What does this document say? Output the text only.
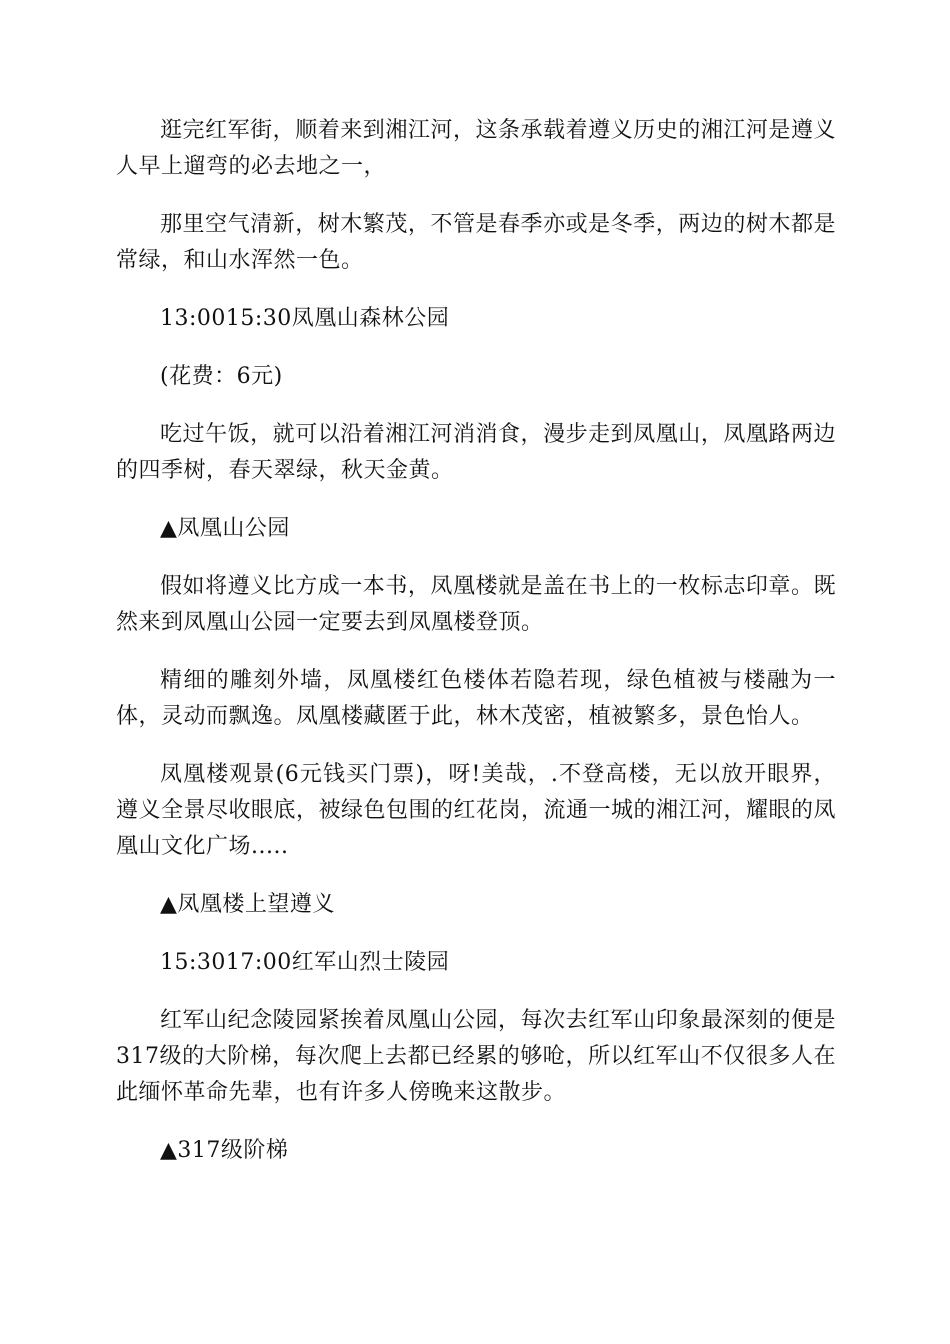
逛完红军街，顺着来到湘江河，这条承载着遵义历史的湘江河是遵义人早上遛弯的必去地之一，

那里空气清新，树木繁茂，不管是春季亦或是冬季，两边的树木都是常绿，和山水浑然一色。

13:0015:30凤凰山森林公园

(花费：6元)

吃过午饭，就可以沿着湘江河消消食，漫步走到凤凰山，凤凰路两边的四季树，春天翠绿，秋天金黄。

▲凤凰山公园

假如将遵义比方成一本书，凤凰楼就是盖在书上的一枚标志印章。既然来到凤凰山公园一定要去到凤凰楼登顶。

精细的雕刻外墙，凤凰楼红色楼体若隐若现，绿色植被与楼融为一体，灵动而飘逸。凤凰楼藏匿于此，林木茂密，植被繁多，景色怡人。

凤凰楼观景(6元钱买门票)，呀!美哉，.不登高楼，无以放开眼界，遵义全景尽收眼底，被绿色包围的红花岗，流通一城的湘江河，耀眼的凤凰山文化广场.....

▲凤凰楼上望遵义

15:3017:00红军山烈士陵园

红军山纪念陵园紧挨着凤凰山公园，每次去红军山印象最深刻的便是317级的大阶梯，每次爬上去都已经累的够呛，所以红军山不仅很多人在此缅怀革命先辈，也有许多人傍晚来这散步。

▲317级阶梯
